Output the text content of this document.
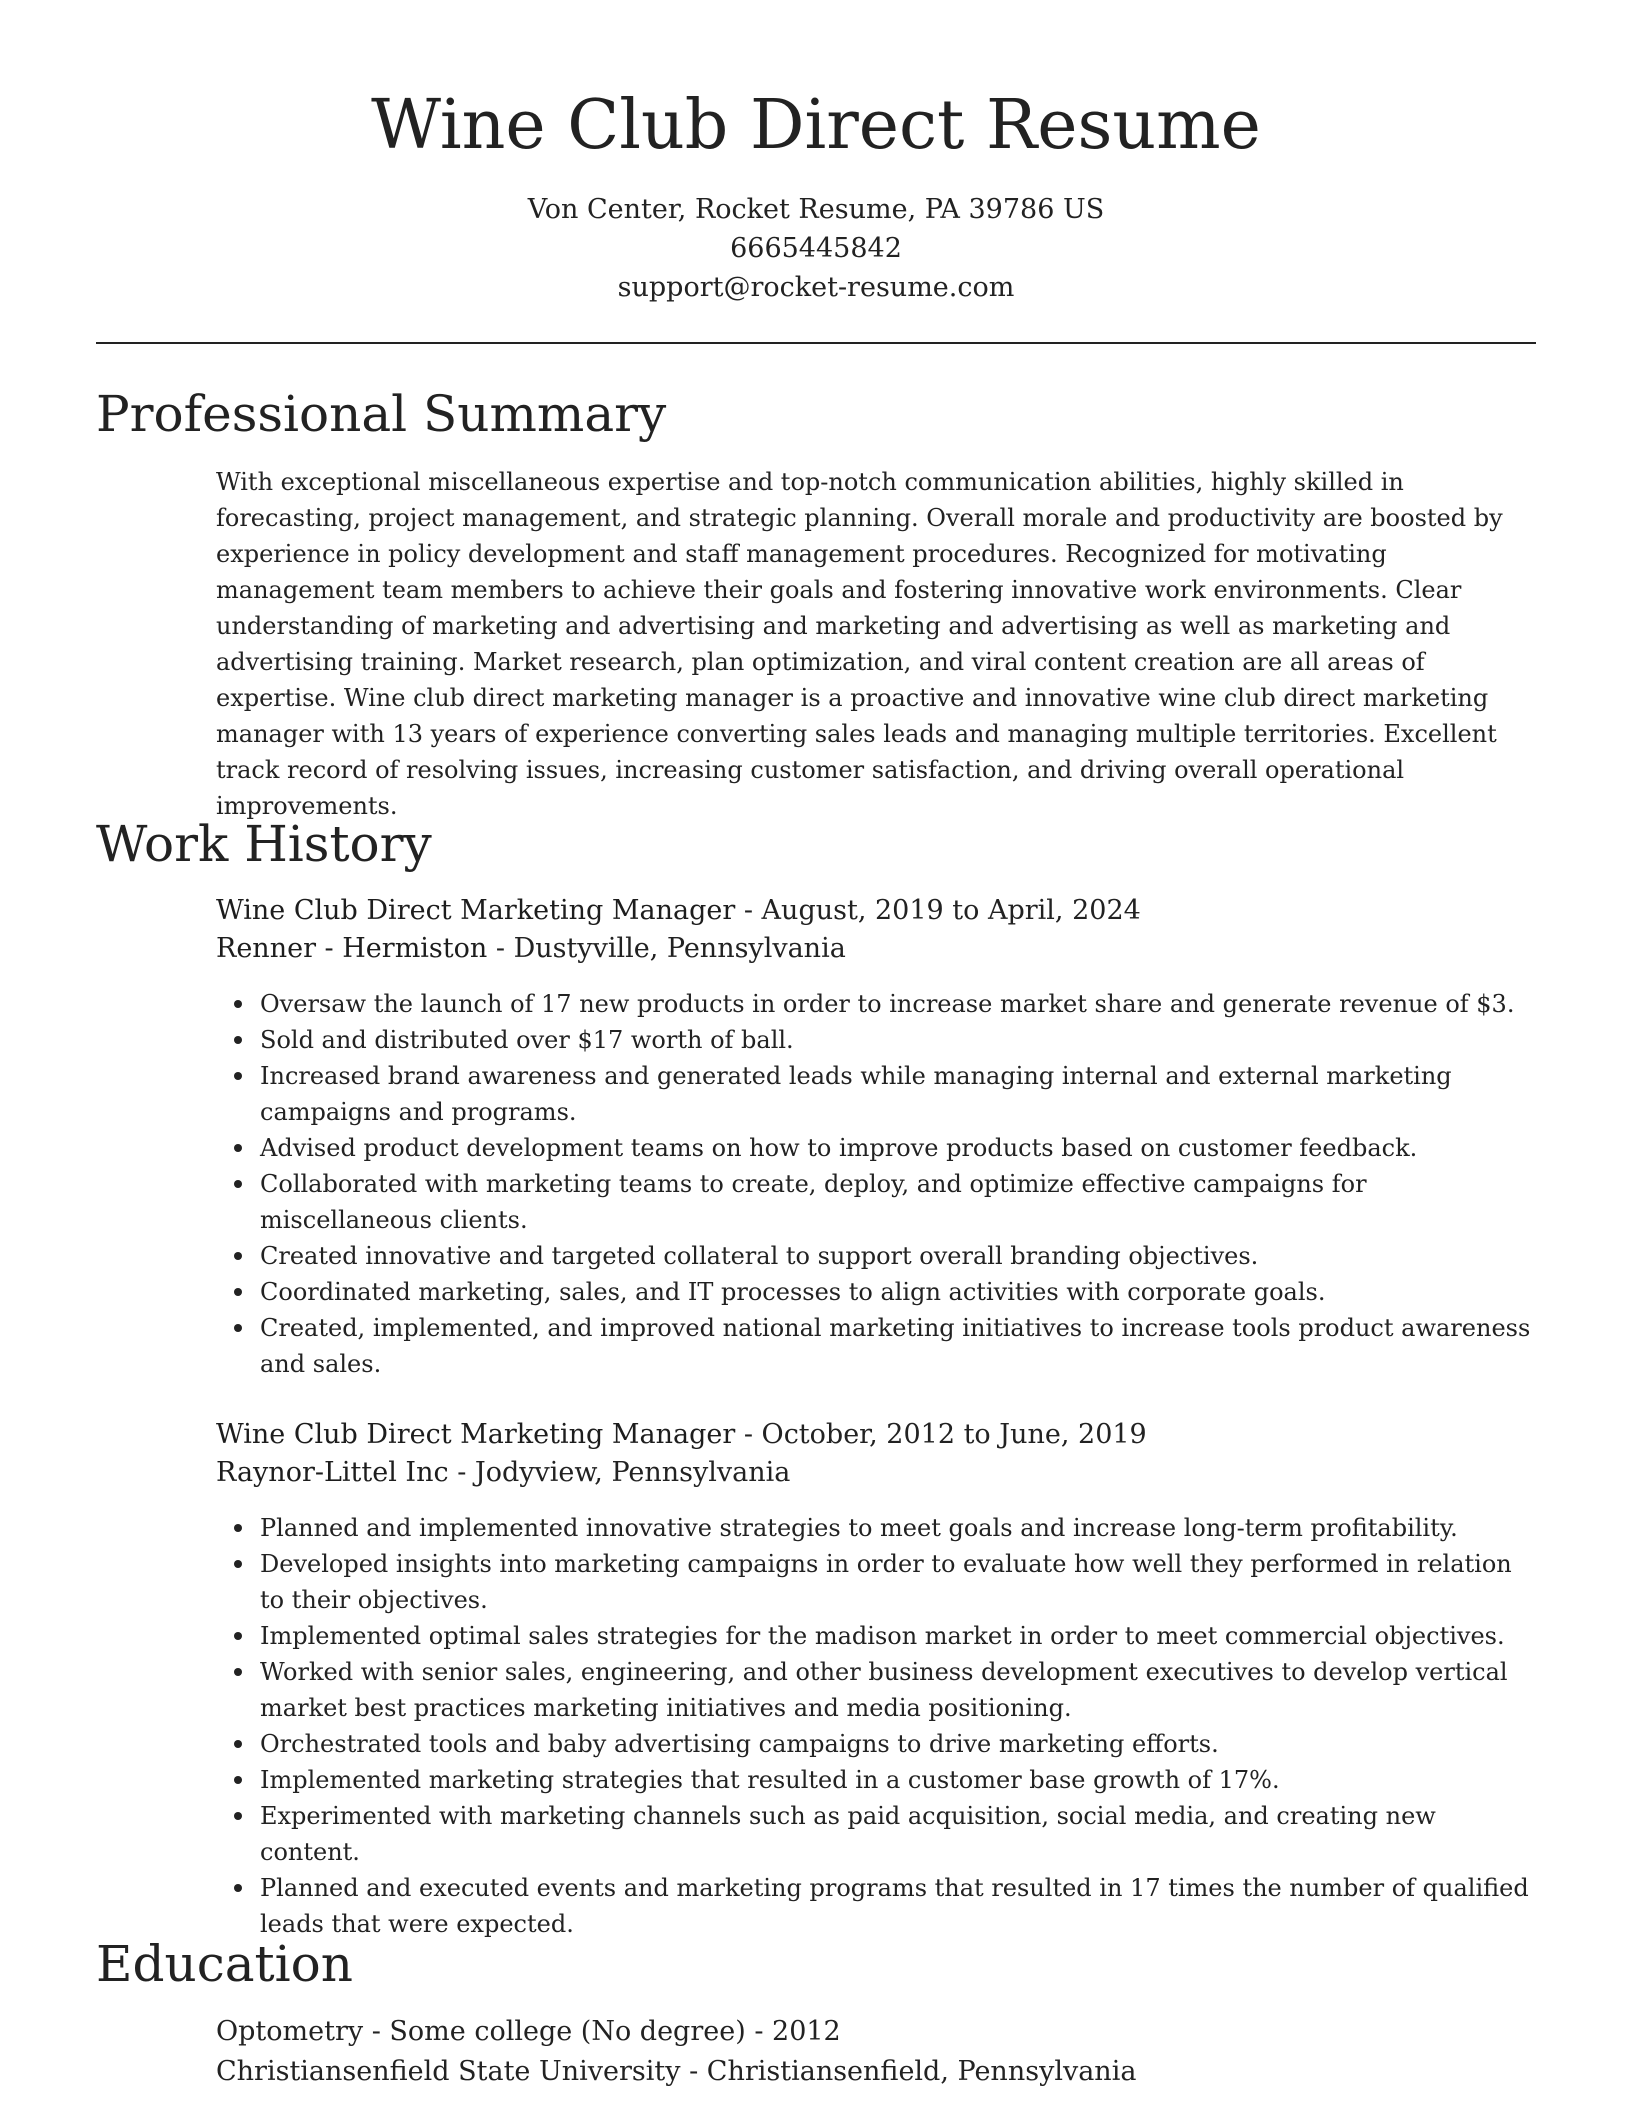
Wine Club Direct Resume
Von Center, Rocket Resume, PA 39786 US
6665445842
support@rocket-resume.com
Professional Summary

With exceptional miscellaneous expertise and top-notch communication abilities, highly skilled in forecasting, project management, and strategic planning. Overall morale and productivity are boosted by experience in policy development and staff management procedures. Recognized for motivating management team members to achieve their goals and fostering innovative work environments. Clear understanding of marketing and advertising and marketing and advertising as well as marketing and advertising training. Market research, plan optimization, and viral content creation are all areas of expertise. Wine club direct marketing manager is a proactive and innovative wine club direct marketing manager with 13 years of experience converting sales leads and managing multiple territories. Excellent track record of resolving issues, increasing customer satisfaction, and driving overall operational improvements.

Work History
Wine Club Direct Marketing Manager - August, 2019 to April, 2024
Renner - Hermiston - Dustyville, Pennsylvania
Oversaw the launch of 17 new products in order to increase market share and generate revenue of $3.
Sold and distributed over $17 worth of ball.
Increased brand awareness and generated leads while managing internal and external marketing campaigns and programs.
Advised product development teams on how to improve products based on customer feedback.
Collaborated with marketing teams to create, deploy, and optimize effective campaigns for miscellaneous clients.
Created innovative and targeted collateral to support overall branding objectives.
Coordinated marketing, sales, and IT processes to align activities with corporate goals.
Created, implemented, and improved national marketing initiatives to increase tools product awareness and sales.
Wine Club Direct Marketing Manager - October, 2012 to June, 2019
Raynor-Littel Inc - Jodyview, Pennsylvania
Planned and implemented innovative strategies to meet goals and increase long-term profitability.
Developed insights into marketing campaigns in order to evaluate how well they performed in relation to their objectives.
Implemented optimal sales strategies for the madison market in order to meet commercial objectives.
Worked with senior sales, engineering, and other business development executives to develop vertical market best practices marketing initiatives and media positioning.
Orchestrated tools and baby advertising campaigns to drive marketing efforts.
Implemented marketing strategies that resulted in a customer base growth of 17%.
Experimented with marketing channels such as paid acquisition, social media, and creating new content.
Planned and executed events and marketing programs that resulted in 17 times the number of qualified leads that were expected.
Education
Optometry - Some college (No degree) - 2012
Christiansenfield State University - Christiansenfield, Pennsylvania
